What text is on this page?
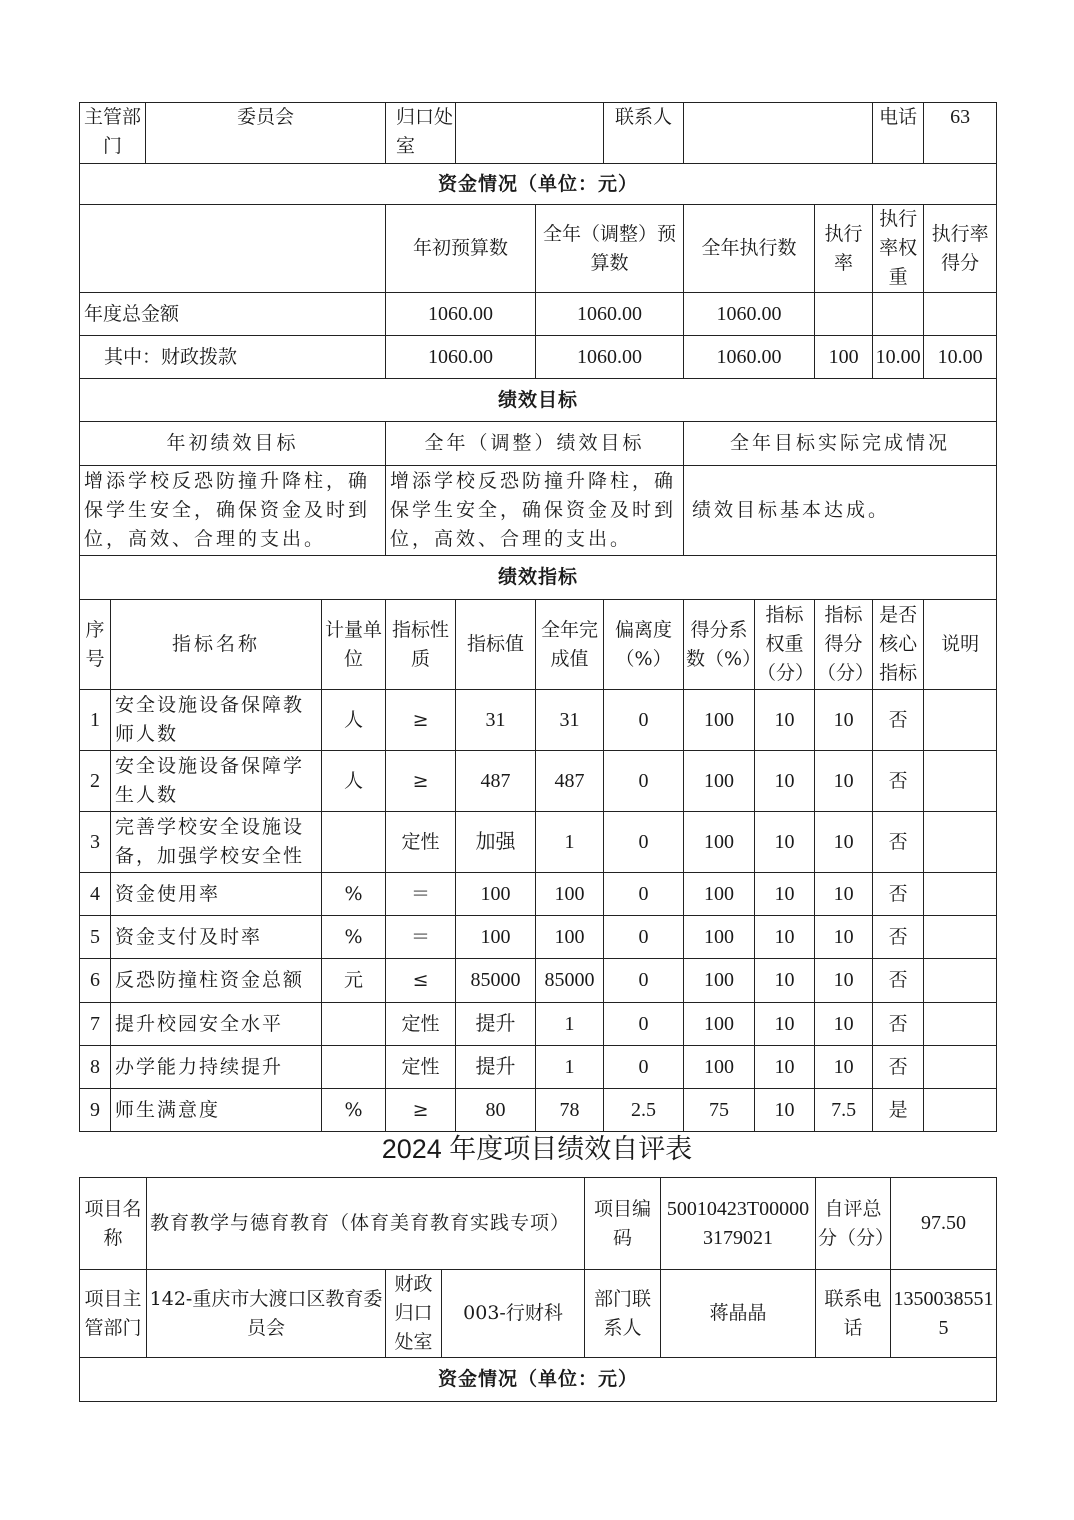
主管部门		委员会		归口处室			联系人				电话	63
资金情况（单位：元）												
				年初预算数		全年（调整）预算数		全年执行数		执行率	执行率权重	执行率得分
年度总金额				1060.00		1060.00		1060.00				
其中：财政拨款				1060.00		1060.00		1060.00		100	10.00	10.00
绩效目标												
年初绩效目标				全年（调整）绩效目标				全年目标实际完成情况				
增添学校反恐防撞升降柱，确保学生安全，确保资金及时到位，高效、合理的支出。				增添学校反恐防撞升降柱，确保学生安全，确保资金及时到位，高效、合理的支出。				绩效目标基本达成。				
绩效指标												
序号	指标名称		计量单位	指标性质	指标值	全年完成值	偏离度（%）	得分系数（%）	指标权重（分）	指标得分（分）	是否核心指标	说明
1	安全设施设备保障教师人数		人	≥	31	31	0	100	10	10	否	
2	安全设施设备保障学生人数		人	≥	487	487	0	100	10	10	否	
3	完善学校安全设施设备，加强学校安全性			定性	加强	1	0	100	10	10	否	
4	资金使用率		%	＝	100	100	0	100	10	10	否	
5	资金支付及时率		%	＝	100	100	0	100	10	10	否	
6	反恐防撞柱资金总额		元	≤	85000	85000	0	100	10	10	否	
7	提升校园安全水平			定性	提升	1	0	100	10	10	否	
8	办学能力持续提升			定性	提升	1	0	100	10	10	否	
9	师生满意度		%	≥	80	78	2.5	75	10	7.5	是	
2024 年度项目绩效自评表
项目名称	教育教学与德育教育（体育美育教育实践专项）			项目编码	50010423T000003179021	自评总分（分）	97.50
项目主管部门	142-重庆市大渡口区教育委员会	财政归口处室	003-行财科	部门联系人	蒋晶晶	联系电话	13500385515
资金情况（单位：元）							
